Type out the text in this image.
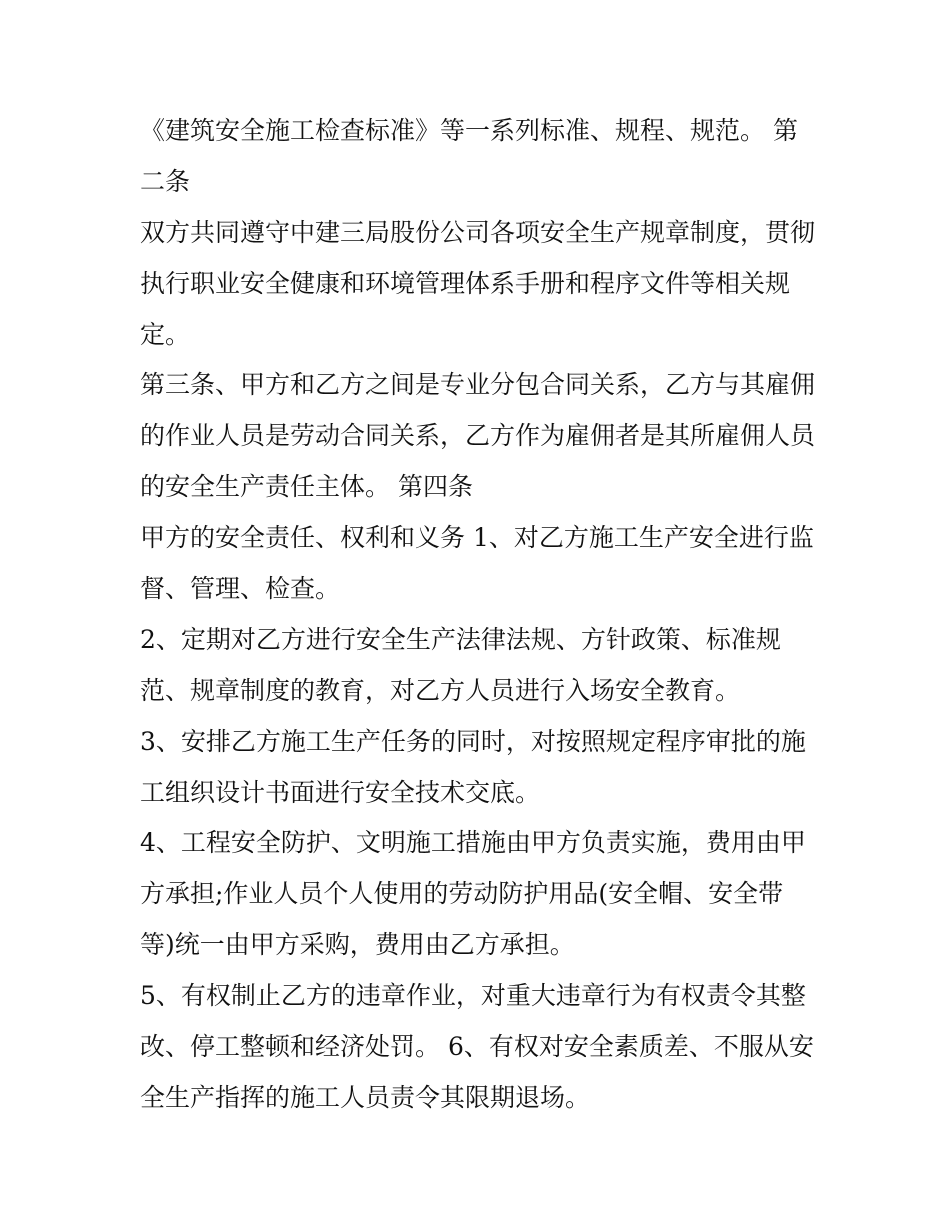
《建筑安全施工检查标准》等一系列标准、规程、规范。 第
二条
双方共同遵守中建三局股份公司各项安全生产规章制度，贯彻
执行职业安全健康和环境管理体系手册和程序文件等相关规
定。
第三条、甲方和乙方之间是专业分包合同关系，乙方与其雇佣
的作业人员是劳动合同关系，乙方作为雇佣者是其所雇佣人员
的安全生产责任主体。 第四条
甲方的安全责任、权利和义务 1、对乙方施工生产安全进行监
督、管理、检查。
2、定期对乙方进行安全生产法律法规、方针政策、标准规
范、规章制度的教育，对乙方人员进行入场安全教育。
3、安排乙方施工生产任务的同时，对按照规定程序审批的施
工组织设计书面进行安全技术交底。
4、工程安全防护、文明施工措施由甲方负责实施，费用由甲
方承担;作业人员个人使用的劳动防护用品(安全帽、安全带
等)统一由甲方采购，费用由乙方承担。
5、有权制止乙方的违章作业，对重大违章行为有权责令其整
改、停工整顿和经济处罚。 6、有权对安全素质差、不服从安
全生产指挥的施工人员责令其限期退场。
